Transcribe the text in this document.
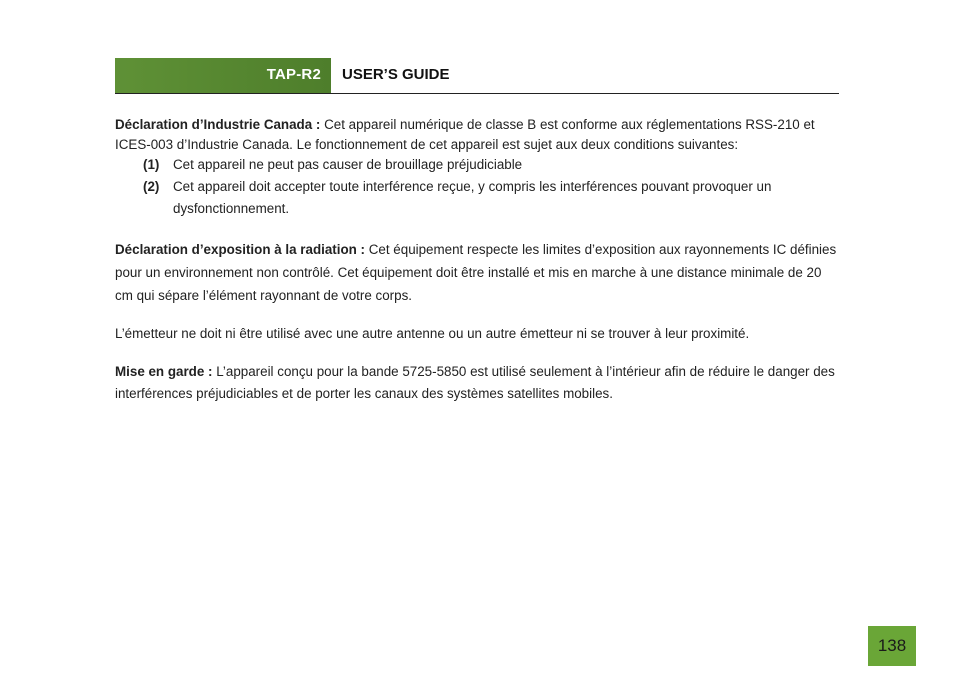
TAP-R2 USER’S GUIDE

Déclaration d’Industrie Canada : Cet appareil numérique de classe B est conforme aux réglementations RSS-210 et ICES-003 d’Industrie Canada. Le fonctionnement de cet appareil est sujet aux deux conditions suivantes:

(1) Cet appareil ne peut pas causer de brouillage préjudiciable
(2) Cet appareil doit accepter toute interférence reçue, y compris les interférences pouvant provoquer un dysfonctionnement.

Déclaration d’exposition à la radiation : Cet équipement respecte les limites d’exposition aux rayonnements IC définies pour un environnement non contrôlé. Cet équipement doit être installé et mis en marche à une distance minimale de 20 cm qui sépare l’élément rayonnant de votre corps.

L’émetteur ne doit ni être utilisé avec une autre antenne ou un autre émetteur ni se trouver à leur proximité.

Mise en garde : L’appareil conçu pour la bande 5725-5850 est utilisé seulement à l’intérieur afin de réduire le danger des interférences préjudiciables et de porter les canaux des systèmes satellites mobiles.

138
